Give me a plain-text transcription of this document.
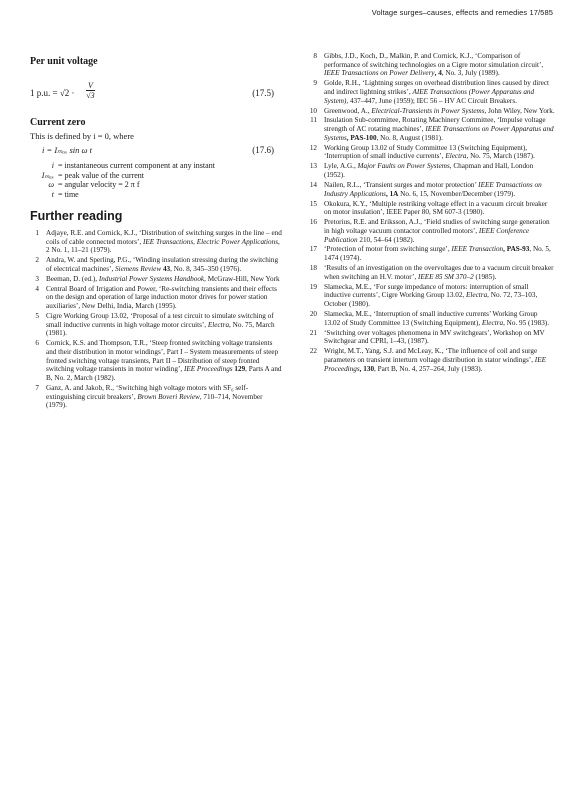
Voltage surges–causes, effects and remedies 17/585
Per unit voltage
1 p.u. = $√2 \cdot \frac{V}{√3}$	(17.5)
Current zero
This is defined by i = 0, where
i = Iₘₐₓ sin ω t	(17.6)
i = instantaneous current component at any instant
Iₘₐₓ = peak value of the current
ω = angular velocity = 2 π f
t = time
Further reading
1 Adjaye, R.E. and Cornick, K.J., ‘Distribution of switching surges in the line – end coils of cable connected motors’, IEE Transactions, Electric Power Applications, 2 No. 1, 11–21 (1979).
2 Andra, W. and Sperling, P.G., ‘Winding insulation stressing during the switching of electrical machines’, Siemens Review 43, No. 8, 345–350 (1976).
3 Beeman, D. (ed.), Industrial Power Systems Handbook, McGraw-Hill, New York
4 Central Board of Irrigation and Power, ‘Re-switching transients and their effects on the design and operation of large induction motor drives for power station auxiliaries’, New Delhi, India, March (1995).
5 Cigre Working Group 13.02, ‘Proposal of a test circuit to simulate switching of small inductive currents in high voltage motor circuits’, Electra, No. 75, March (1981).
6 Cornick, K.S. and Thompson, T.R., ‘Steep fronted switching voltage transients and their distribution in motor windings’, Part I – System measurements of steep fronted switching voltage transients, Part II – Distribution of steep fronted switching voltage transients in motor winding’, IEE Proceedings 129, Parts A and B, No. 2, March (1982).
7 Ganz, A. and Jakob, R., ‘Switching high voltage motors with SF₆ self-extinguishing circuit breakers’, Brown Boveri Review, 710–714, November (1979).
8 Gibbs, J.D., Koch, D., Malkin, P. and Cornick, K.J., ‘Comparison of performance of switching technologies on a Cigre motor simulation circuit’, IEEE Transactions on Power Delivery, 4, No. 3, July (1989).
9 Golde, R.H., ‘Lightning surges on overhead distribution lines caused by direct and indirect lightning strikes’, AIEE Transactions (Power Apparatus and System), 437–447, June (1959); IEC 56 – HV AC Circuit Breakers.
10 Greenwood, A., Electrical-Transients in Power Systems, John Wiley, New York.
11 Insulation Sub-committee, Rotating Machinery Committee, ‘Impulse voltage strength of AC rotating machines’, IEEE Transactions on Power Apparatus and Systems, PAS-100, No. 8, August (1981).
12 Working Group 13.02 of Study Committee 13 (Switching Equipment), ‘Interruption of small inductive currents’, Electra, No. 75, March (1987).
13 Lyle, A.G., Major Faults on Power Systems, Chapman and Hall, London (1952).
14 Nailen, R.L., ‘Transient surges and motor protection’ IEEE Transactions on Industry Applications, 1A No. 6, 15, November/December (1979).
15 Okokura, K.Y., ‘Multiple restriking voltage effect in a vacuum circuit breaker on motor insulation’, IEEE Paper 80, SM 607-3 (1980).
16 Pretorius, R.E. and Eriksson, A.J., ‘Field studies of switching surge generation in high voltage vacuum contactor controlled motors’, IEEE Conference Publication 210, 54–64 (1982).
17 ‘Protection of motor from switching surge’, IEEE Transaction, PAS-93, No. 5, 1474 (1974).
18 ‘Results of an investigation on the overvoltages due to a vacuum circuit breaker when switching an H.V. motor’, IEEE 85 SM 370–2 (1985).
19 Slamecka, M.E., ‘For surge impedance of motors: interruption of small inductive currents’, Cigre Working Group 13.02, Electra, No. 72, 73–103, October (1980).
20 Slamecka, M.E., ‘Interruption of small inductive currents’ Working Group 13.02 of Study Committee 13 (Switching Equipment), Electra, No. 95 (1983).
21 ‘Switching over voltages phenomena in MV switchgears’, Workshop on MV Switchgear and CPRI, 1–43, (1987).
22 Wright, M.T., Yang, S.J. and McLeay, K., ‘The influence of coil and surge parameters on transient interturn voltage distribution in stator windings’, IEE Proceedings, 130, Part B, No. 4, 257–264, July (1983).
